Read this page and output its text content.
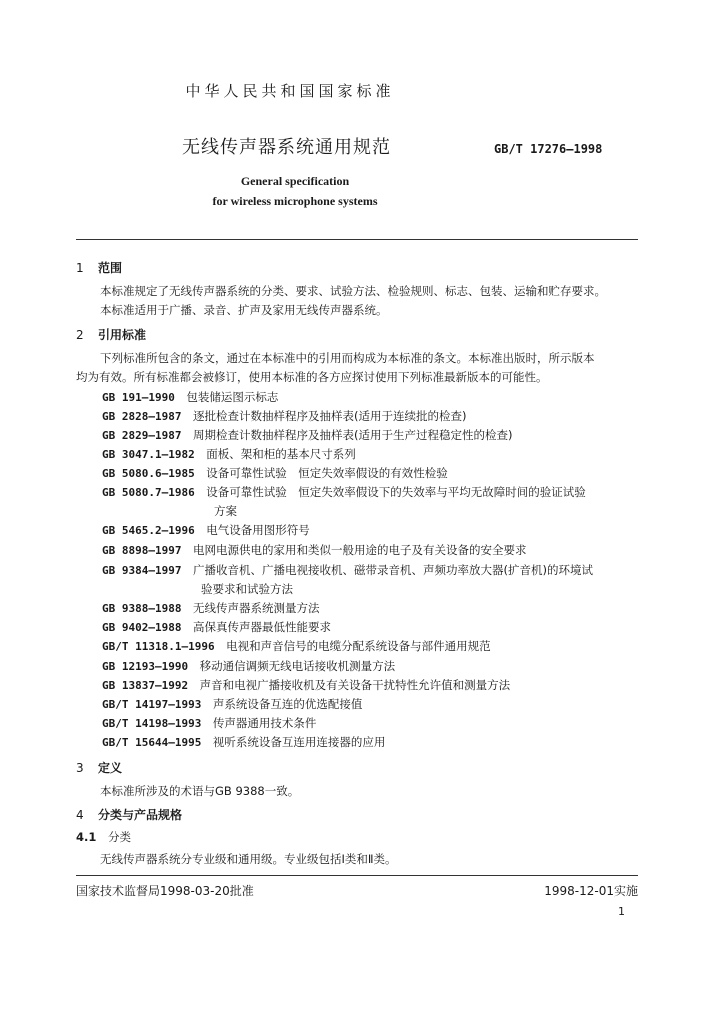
中华人民共和国国家标准
无线传声器系统通用规范	GB/T 17276—1998
General specification
for wireless microphone systems
1 范围
本标准规定了无线传声器系统的分类、要求、试验方法、检验规则、标志、包装、运输和贮存要求。
本标准适用于广播、录音、扩声及家用无线传声器系统。
2 引用标准
下列标准所包含的条文，通过在本标准中的引用而构成为本标准的条文。本标准出版时，所示版本
均为有效。所有标准都会被修订，使用本标准的各方应探讨使用下列标准最新版本的可能性。
GB 191—1990　 包装储运图示标志
GB 2828—1987　 逐批检查计数抽样程序及抽样表(适用于连续批的检查)
GB 2829—1987　 周期检查计数抽样程序及抽样表(适用于生产过程稳定性的检查)
GB 3047.1—1982　 面板、架和柜的基本尺寸系列
GB 5080.6—1985　 设备可靠性试验　恒定失效率假设的有效性检验
GB 5080.7—1986　 设备可靠性试验　恒定失效率假设下的失效率与平均无故障时间的验证试验
方案
GB 5465.2—1996　 电气设备用图形符号
GB 8898—1997　 电网电源供电的家用和类似一般用途的电子及有关设备的安全要求
GB 9384—1997　 广播收音机、广播电视接收机、磁带录音机、声频功率放大器(扩音机)的环境试
验要求和试验方法
GB 9388—1988　 无线传声器系统测量方法
GB 9402—1988　 高保真传声器最低性能要求
GB/T 11318.1—1996　 电视和声音信号的电缆分配系统设备与部件通用规范
GB 12193—1990　 移动通信调频无线电话接收机测量方法
GB 13837—1992　 声音和电视广播接收机及有关设备干扰特性允许值和测量方法
GB/T 14197—1993　 声系统设备互连的优选配接值
GB/T 14198—1993　 传声器通用技术条件
GB/T 15644—1995　 视听系统设备互连用连接器的应用
3 定义
本标准所涉及的术语与GB 9388一致。
4 分类与产品规格
4.1 分类
无线传声器系统分专业级和通用级。专业级包括Ⅰ类和Ⅱ类。
国家技术监督局1998-03-20批准	1998-12-01实施
1
